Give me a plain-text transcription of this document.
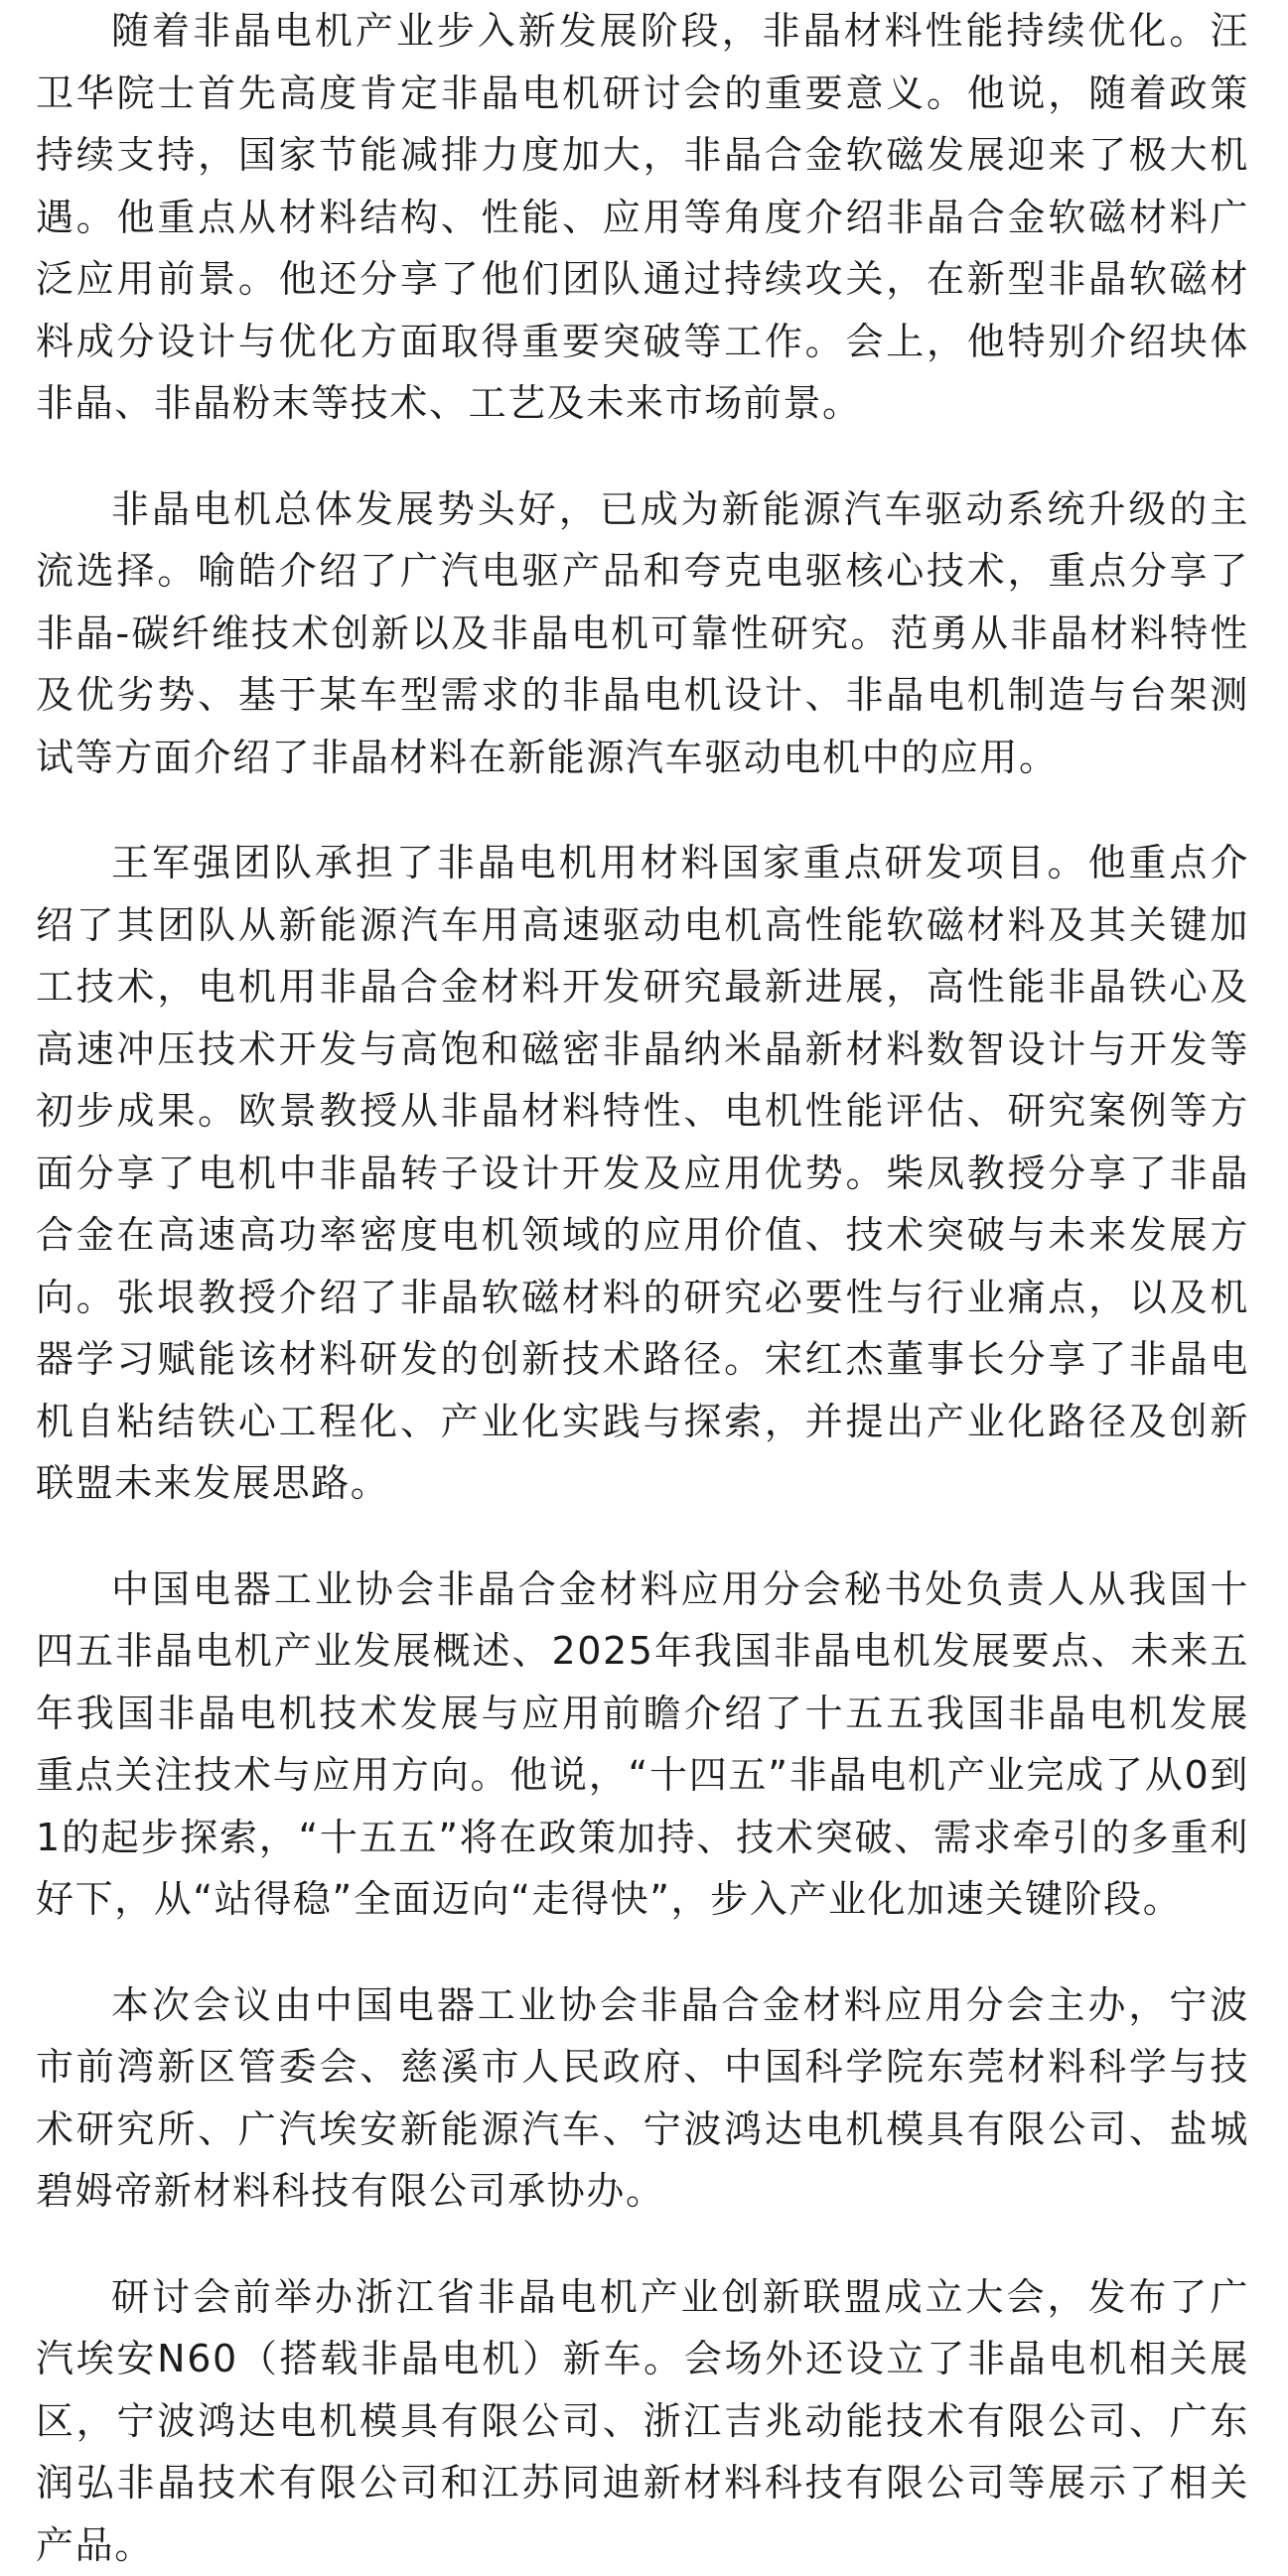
随着非晶电机产业步入新发展阶段，非晶材料性能持续优化。汪卫华院士首先高度肯定非晶电机研讨会的重要意义。他说，随着政策持续支持，国家节能减排力度加大，非晶合金软磁发展迎来了极大机遇。他重点从材料结构、性能、应用等角度介绍非晶合金软磁材料广泛应用前景。他还分享了他们团队通过持续攻关，在新型非晶软磁材料成分设计与优化方面取得重要突破等工作。会上，他特别介绍块体非晶、非晶粉末等技术、工艺及未来市场前景。

非晶电机总体发展势头好，已成为新能源汽车驱动系统升级的主流选择。喻皓介绍了广汽电驱产品和夸克电驱核心技术，重点分享了非晶-碳纤维技术创新以及非晶电机可靠性研究。范勇从非晶材料特性及优劣势、基于某车型需求的非晶电机设计、非晶电机制造与台架测试等方面介绍了非晶材料在新能源汽车驱动电机中的应用。

王军强团队承担了非晶电机用材料国家重点研发项目。他重点介绍了其团队从新能源汽车用高速驱动电机高性能软磁材料及其关键加工技术，电机用非晶合金材料开发研究最新进展，高性能非晶铁心及高速冲压技术开发与高饱和磁密非晶纳米晶新材料数智设计与开发等初步成果。欧景教授从非晶材料特性、电机性能评估、研究案例等方面分享了电机中非晶转子设计开发及应用优势。柴凤教授分享了非晶合金在高速高功率密度电机领域的应用价值、技术突破与未来发展方向。张垠教授介绍了非晶软磁材料的研究必要性与行业痛点，以及机器学习赋能该材料研发的创新技术路径。宋红杰董事长分享了非晶电机自粘结铁心工程化、产业化实践与探索，并提出产业化路径及创新联盟未来发展思路。

中国电器工业协会非晶合金材料应用分会秘书处负责人从我国十四五非晶电机产业发展概述、2025年我国非晶电机发展要点、未来五年我国非晶电机技术发展与应用前瞻介绍了十五五我国非晶电机发展重点关注技术与应用方向。他说，“十四五”非晶电机产业完成了从0到1的起步探索，“十五五”将在政策加持、技术突破、需求牵引的多重利好下，从“站得稳”全面迈向“走得快”，步入产业化加速关键阶段。

本次会议由中国电器工业协会非晶合金材料应用分会主办，宁波市前湾新区管委会、慈溪市人民政府、中国科学院东莞材料科学与技术研究所、广汽埃安新能源汽车、宁波鸿达电机模具有限公司、盐城碧姆帝新材料科技有限公司承协办。

研讨会前举办浙江省非晶电机产业创新联盟成立大会，发布了广汽埃安N60（搭载非晶电机）新车。会场外还设立了非晶电机相关展区，宁波鸿达电机模具有限公司、浙江吉兆动能技术有限公司、广东润弘非晶技术有限公司和江苏同迪新材料科技有限公司等展示了相关产品。
